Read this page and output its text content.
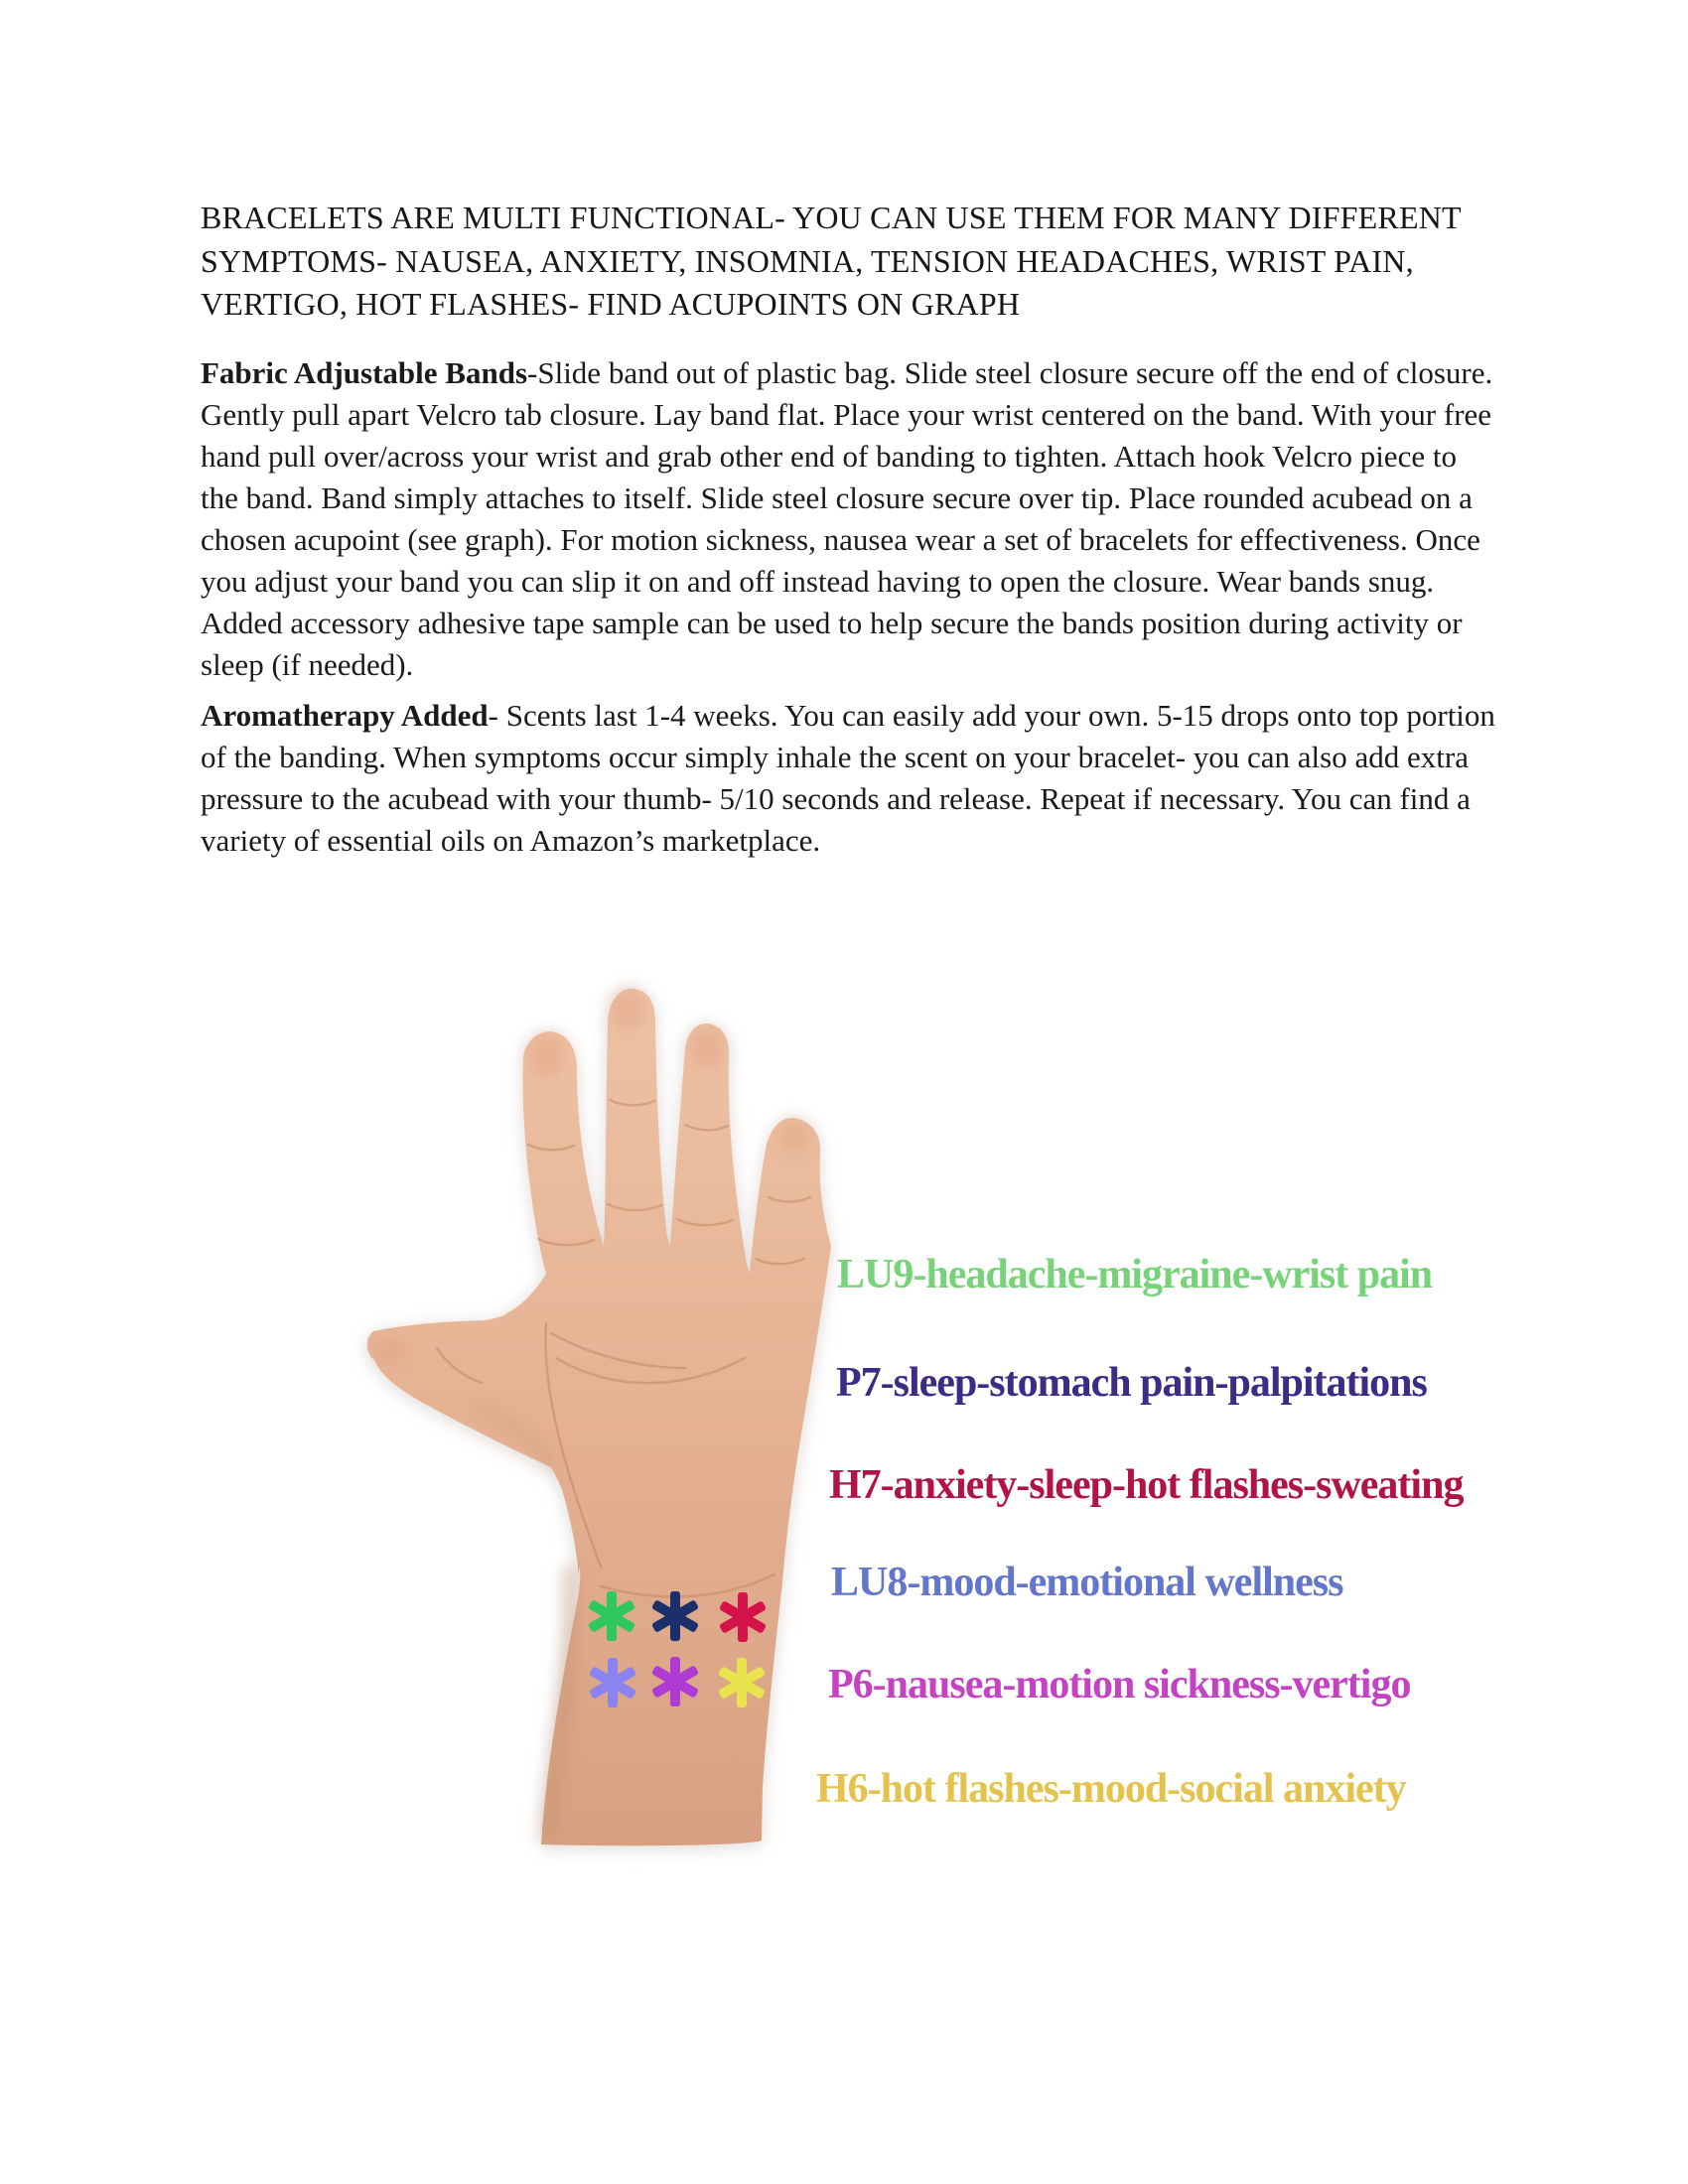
BRACELETS ARE MULTI FUNCTIONAL- YOU CAN USE THEM FOR MANY DIFFERENT
SYMPTOMS- NAUSEA, ANXIETY, INSOMNIA, TENSION HEADACHES, WRIST PAIN,
VERTIGO, HOT FLASHES- FIND ACUPOINTS ON GRAPH

Fabric Adjustable Bands-Slide band out of plastic bag. Slide steel closure secure off the end of closure. Gently pull apart Velcro tab closure. Lay band flat. Place your wrist centered on the band. With your free hand pull over/across your wrist and grab other end of banding to tighten. Attach hook Velcro piece to the band. Band simply attaches to itself. Slide steel closure secure over tip. Place rounded acubead on a chosen acupoint (see graph). For motion sickness, nausea wear a set of bracelets for effectiveness. Once you adjust your band you can slip it on and off instead having to open the closure. Wear bands snug. Added accessory adhesive tape sample can be used to help secure the bands position during activity or sleep (if needed).

Aromatherapy Added- Scents last 1-4 weeks. You can easily add your own. 5-15 drops onto top portion of the banding. When symptoms occur simply inhale the scent on your bracelet- you can also add extra pressure to the acubead with your thumb- 5/10 seconds and release. Repeat if necessary. You can find a variety of essential oils on Amazon’s marketplace.

LU9-headache-migraine-wrist pain
P7-sleep-stomach pain-palpitations
H7-anxiety-sleep-hot flashes-sweating
LU8-mood-emotional wellness
P6-nausea-motion sickness-vertigo
H6-hot flashes-mood-social anxiety
